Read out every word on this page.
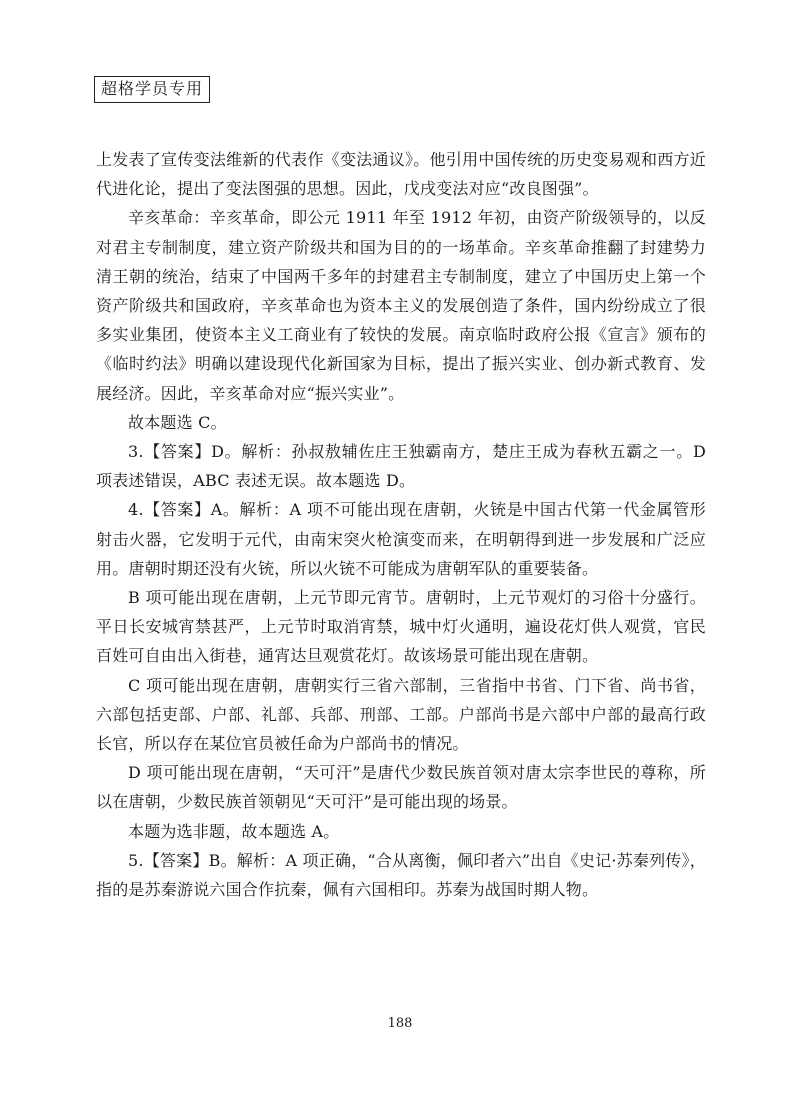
超格学员专用

上发表了宣传变法维新的代表作《变法通议》。他引用中国传统的历史变易观和西方近代进化论，提出了变法图强的思想。因此，戊戌变法对应“改良图强”。

辛亥革命：辛亥革命，即公元 1911 年至 1912 年初，由资产阶级领导的，以反对君主专制制度，建立资产阶级共和国为目的的一场革命。辛亥革命推翻了封建势力清王朝的统治，结束了中国两千多年的封建君主专制制度，建立了中国历史上第一个资产阶级共和国政府，辛亥革命也为资本主义的发展创造了条件，国内纷纷成立了很多实业集团，使资本主义工商业有了较快的发展。南京临时政府公报《宣言》颁布的《临时约法》明确以建设现代化新国家为目标，提出了振兴实业、创办新式教育、发展经济。因此，辛亥革命对应“振兴实业”。

故本题选 C。

3.【答案】D。解析：孙叔敖辅佐庄王独霸南方，楚庄王成为春秋五霸之一。D 项表述错误，ABC 表述无误。故本题选 D。

4.【答案】A。解析：A 项不可能出现在唐朝，火铳是中国古代第一代金属管形射击火器，它发明于元代，由南宋突火枪演变而来，在明朝得到进一步发展和广泛应用。唐朝时期还没有火铳，所以火铳不可能成为唐朝军队的重要装备。

B 项可能出现在唐朝，上元节即元宵节。唐朝时，上元节观灯的习俗十分盛行。平日长安城宵禁甚严，上元节时取消宵禁，城中灯火通明，遍设花灯供人观赏，官民百姓可自由出入街巷，通宵达旦观赏花灯。故该场景可能出现在唐朝。

C 项可能出现在唐朝，唐朝实行三省六部制，三省指中书省、门下省、尚书省，六部包括吏部、户部、礼部、兵部、刑部、工部。户部尚书是六部中户部的最高行政长官，所以存在某位官员被任命为户部尚书的情况。

D 项可能出现在唐朝，“天可汗”是唐代少数民族首领对唐太宗李世民的尊称，所以在唐朝，少数民族首领朝见“天可汗”是可能出现的场景。

本题为选非题，故本题选 A。

5.【答案】B。解析：A 项正确，“合从离衡，佩印者六”出自《史记·苏秦列传》，指的是苏秦游说六国合作抗秦，佩有六国相印。苏秦为战国时期人物。

188
